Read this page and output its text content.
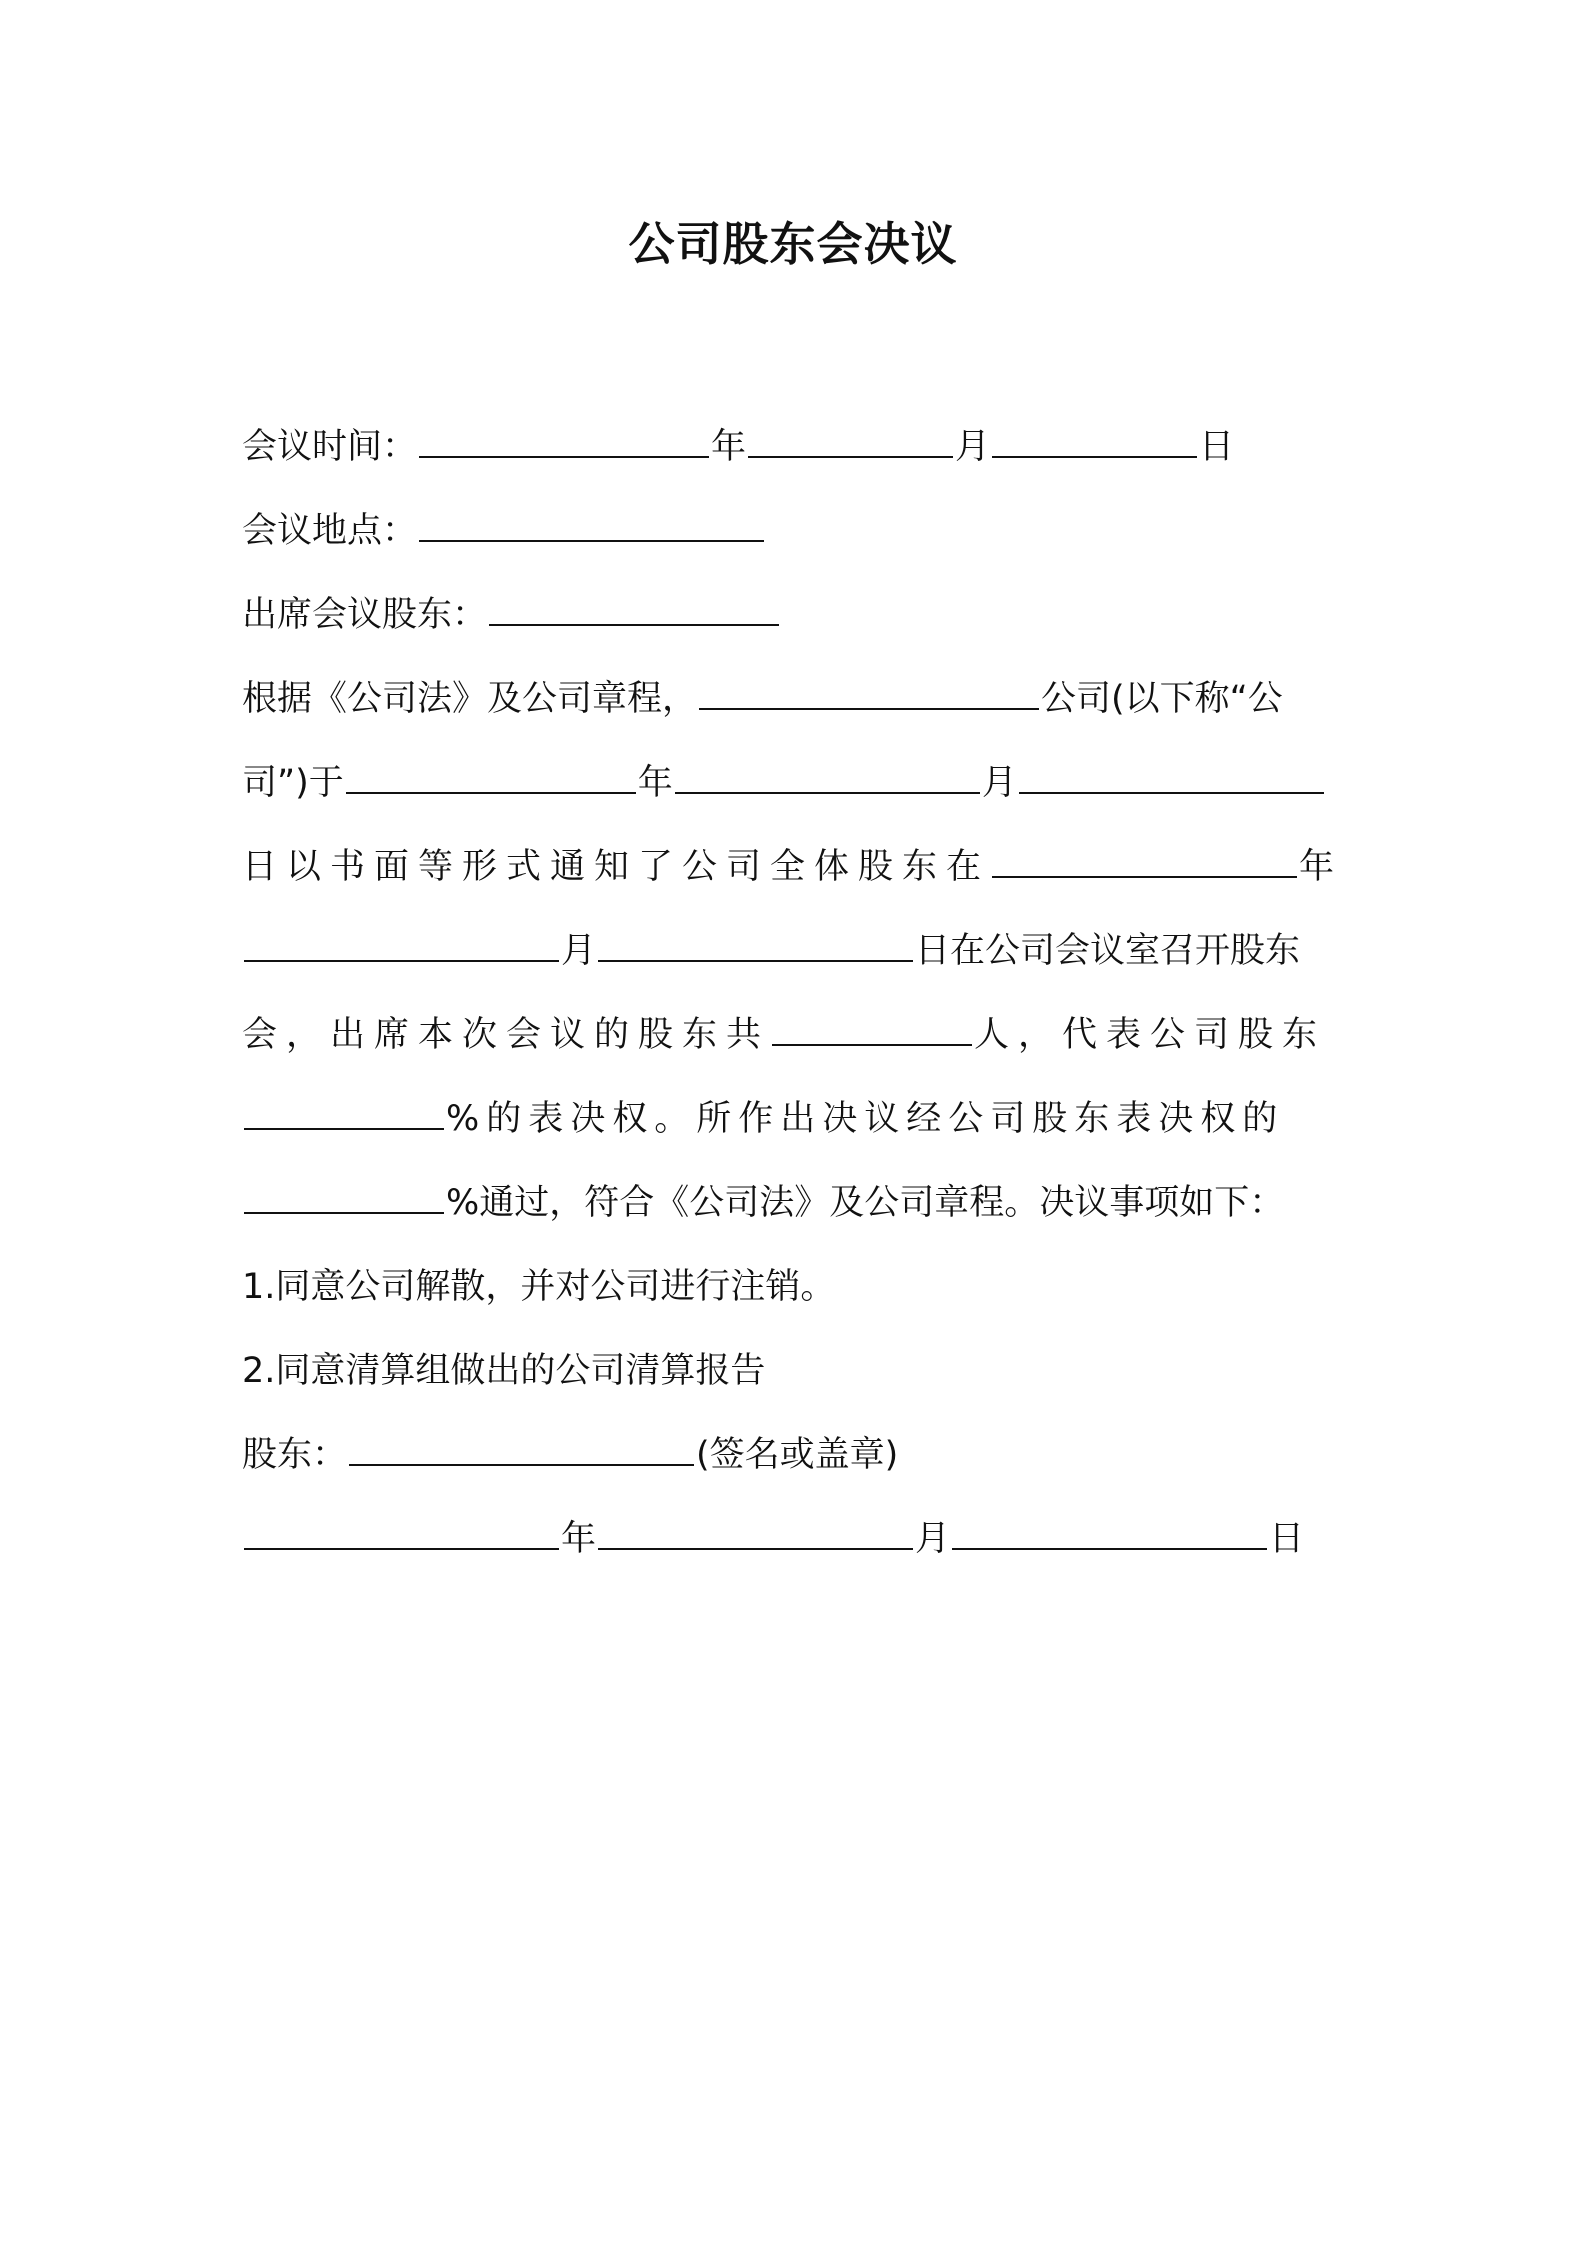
公司股东会决议
会议时间：	年	月	日
会议地点：
出席会议股东：
根据《公司法》及公司章程，	公司(以下称“公
司”)于	年	月
日以书面等形式通知了公司全体股东在	年
月	日在公司会议室召开股东
会，出席本次会议的股东共	人，代表公司股东
%的表决权。所作出决议经公司股东表决权的
%通过，符合《公司法》及公司章程。决议事项如下：
1.同意公司解散，并对公司进行注销。
2.同意清算组做出的公司清算报告
股东：	(签名或盖章)
年	月	日
